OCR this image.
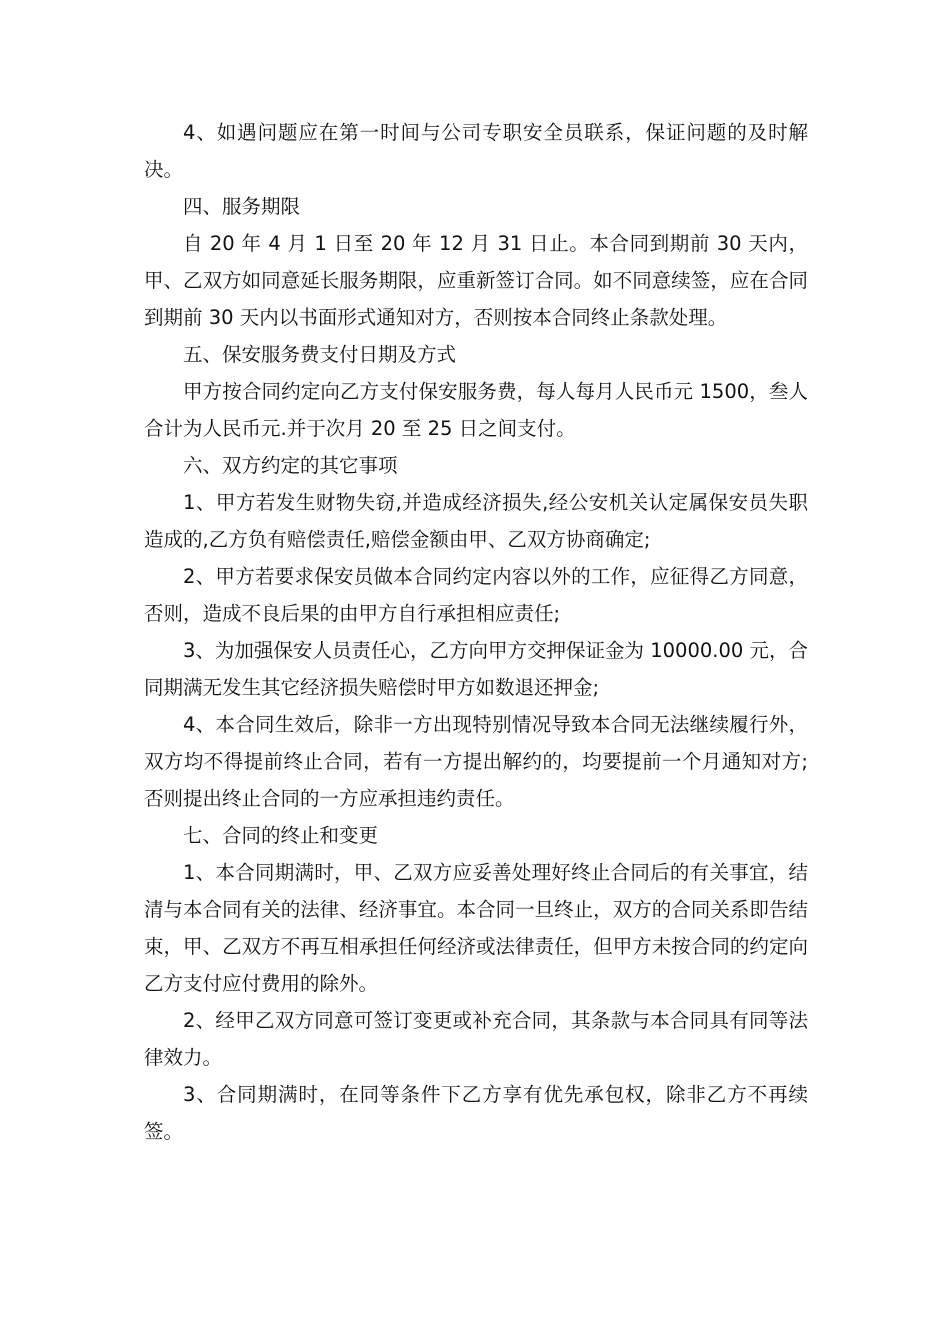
4、如遇问题应在第一时间与公司专职安全员联系，保证问题的及时解决。

四、服务期限

自 20 年 4 月 1 日至 20 年 12 月 31 日止。本合同到期前 30 天内，甲、乙双方如同意延长服务期限，应重新签订合同。如不同意续签，应在合同到期前 30 天内以书面形式通知对方，否则按本合同终止条款处理。

五、保安服务费支付日期及方式

甲方按合同约定向乙方支付保安服务费，每人每月人民币元 1500，叁人合计为人民币元.并于次月 20 至 25 日之间支付。

六、双方约定的其它事项

1、甲方若发生财物失窃,并造成经济损失,经公安机关认定属保安员失职造成的,乙方负有赔偿责任,赔偿金额由甲、乙双方协商确定;

2、甲方若要求保安员做本合同约定内容以外的工作，应征得乙方同意，否则，造成不良后果的由甲方自行承担相应责任;

3、为加强保安人员责任心，乙方向甲方交押保证金为 10000.00 元，合同期满无发生其它经济损失赔偿时甲方如数退还押金;

4、本合同生效后，除非一方出现特别情况导致本合同无法继续履行外，双方均不得提前终止合同，若有一方提出解约的，均要提前一个月通知对方;否则提出终止合同的一方应承担违约责任。

七、合同的终止和变更

1、本合同期满时，甲、乙双方应妥善处理好终止合同后的有关事宜，结清与本合同有关的法律、经济事宜。本合同一旦终止，双方的合同关系即告结束，甲、乙双方不再互相承担任何经济或法律责任，但甲方未按合同的约定向乙方支付应付费用的除外。

2、经甲乙双方同意可签订变更或补充合同，其条款与本合同具有同等法律效力。

3、合同期满时，在同等条件下乙方享有优先承包权，除非乙方不再续签。
